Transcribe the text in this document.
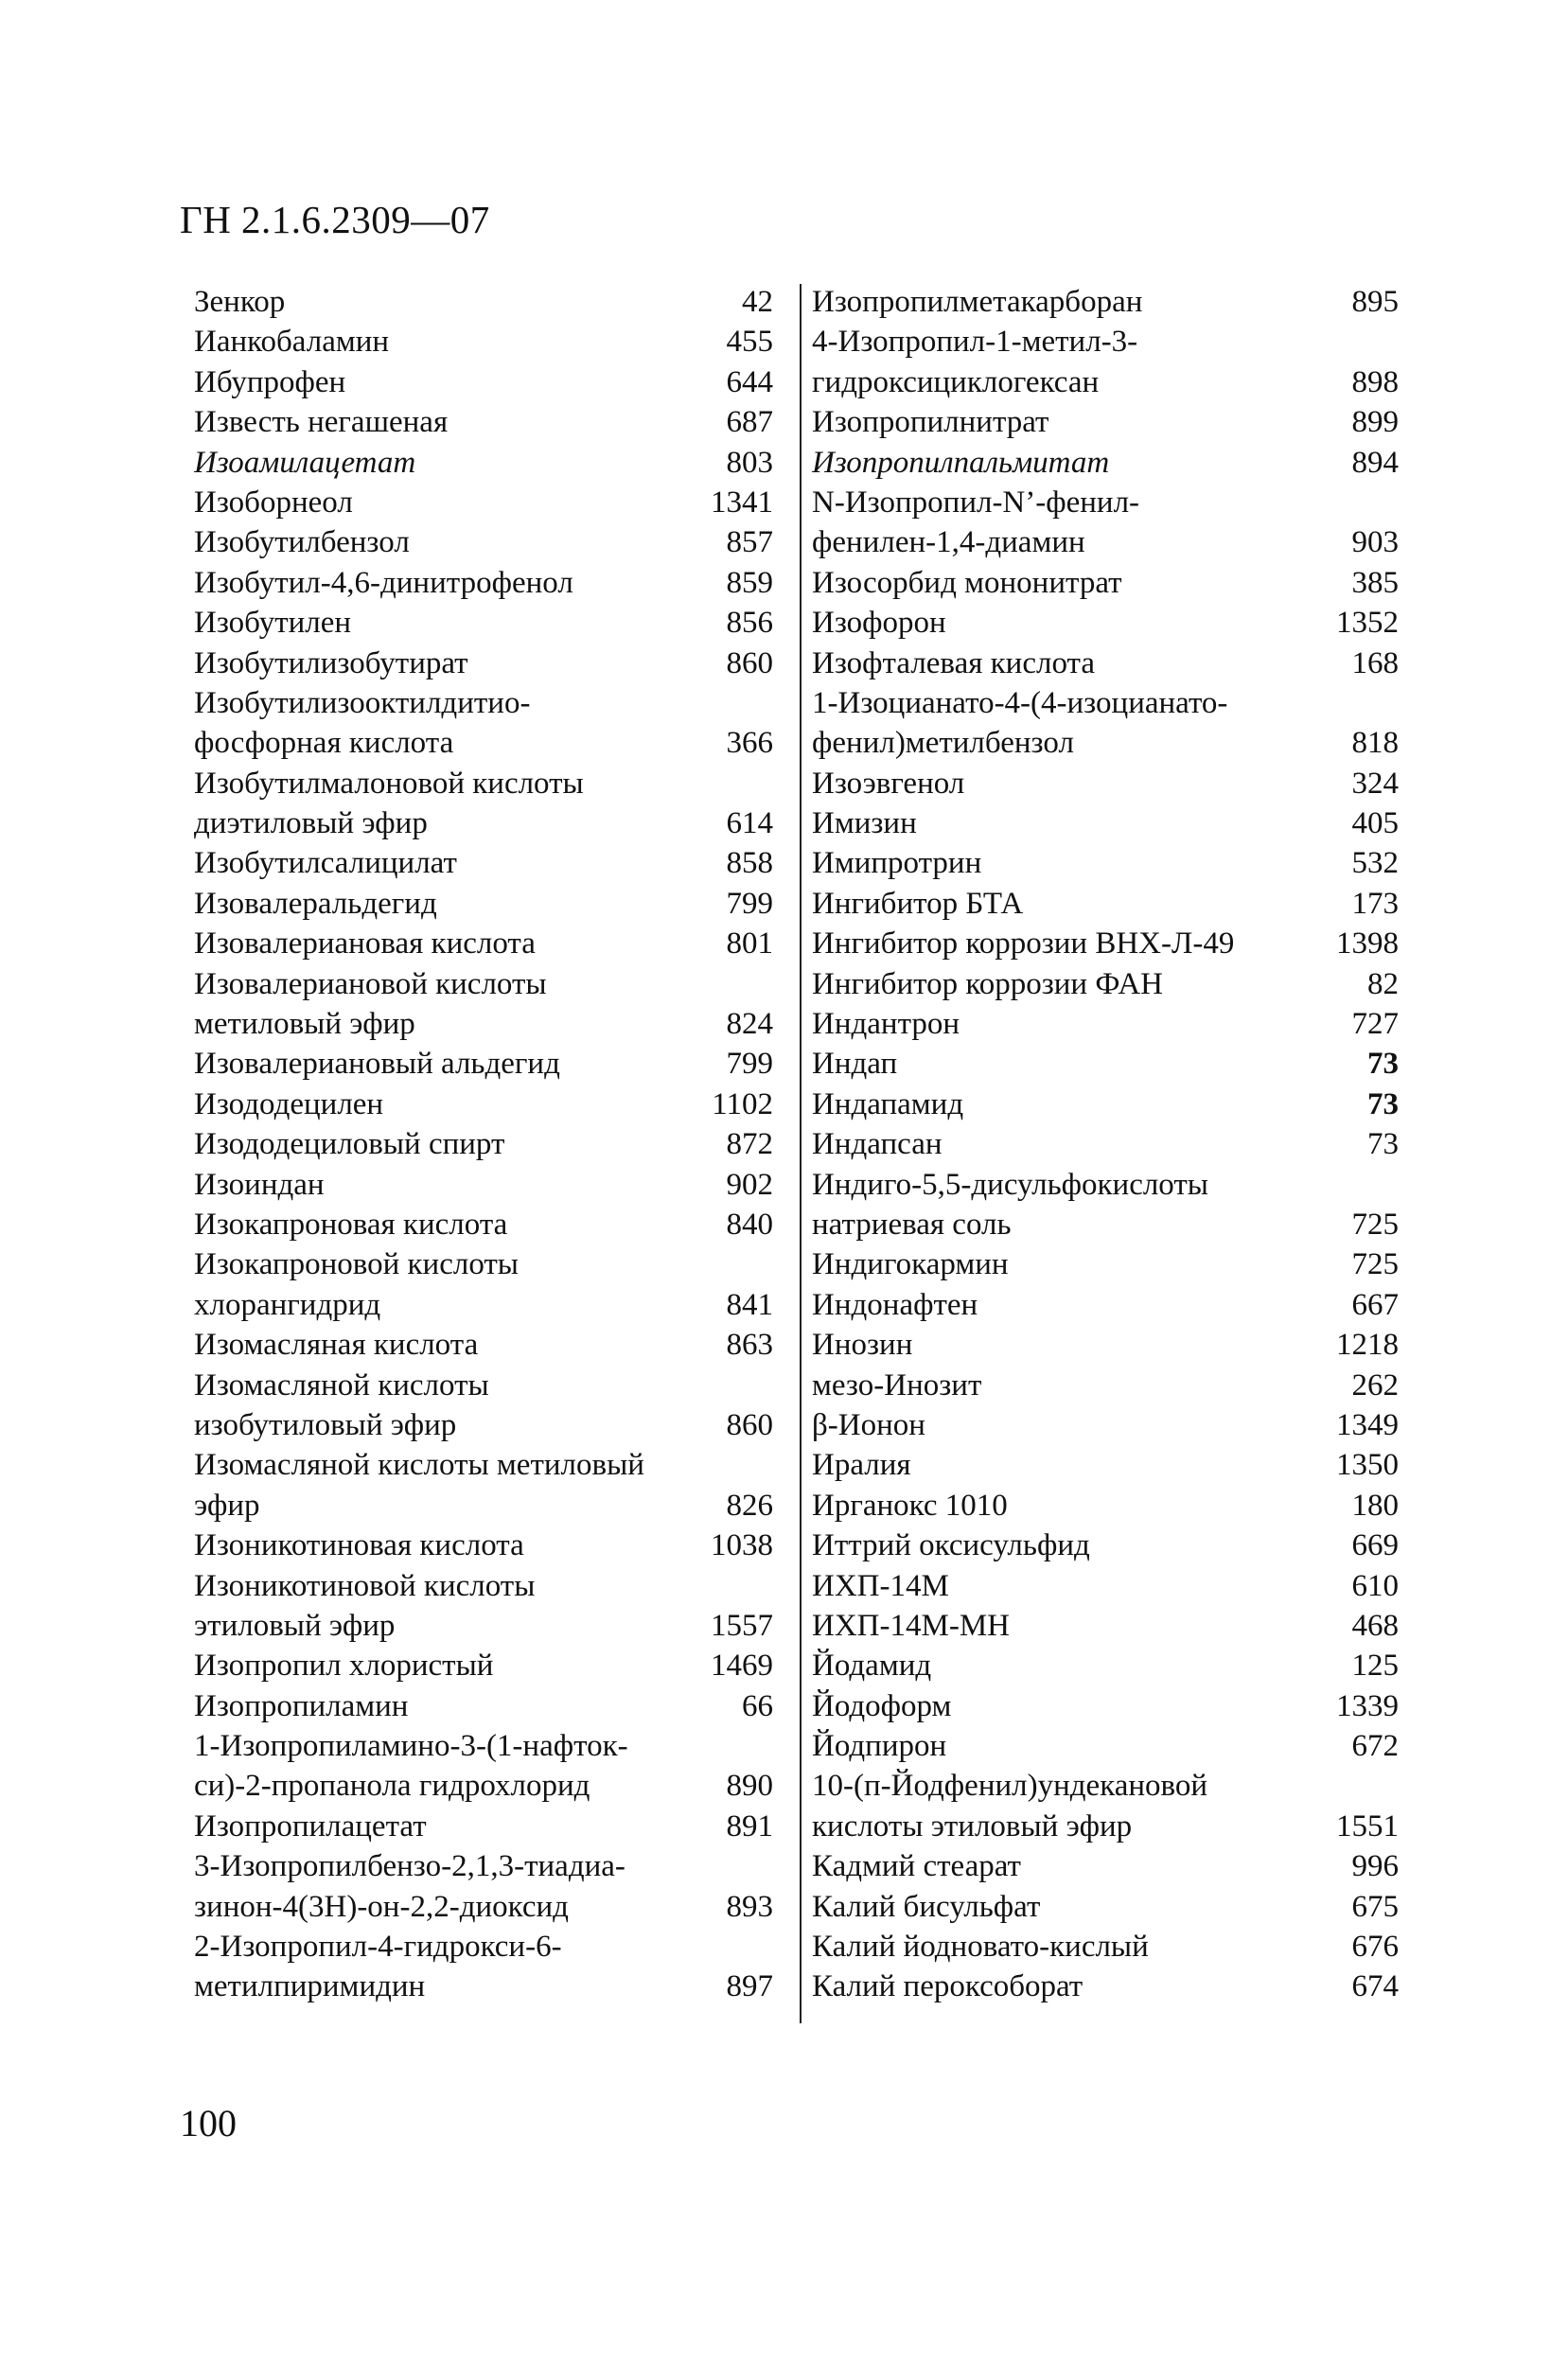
ГН 2.1.6.2309—07
Зенкор	42
Ианкобаламин	455
Ибупрофен	644
Известь негашеная	687
Изоамилацетат	803
Изоборнеол	1341
Изобутилбензол	857
Изобутил-4,6-динитрофенол	859
Изобутилен	856
Изобутилизобутират	860
Изобутилизооктилдитио-
фосфорная кислота	366
Изобутилмалоновой кислоты
диэтиловый эфир	614
Изобутилсалицилат	858
Изовалеральдегид	799
Изовалериановая кислота	801
Изовалериановой кислоты
метиловый эфир	824
Изовалериановый альдегид	799
Изододецилен	1102
Изододециловый спирт	872
Изоиндан	902
Изокапроновая кислота	840
Изокапроновой кислоты
хлорангидрид	841
Изомасляная кислота	863
Изомасляной кислоты
изобутиловый эфир	860
Изомасляной кислоты метиловый
эфир	826
Изоникотиновая кислота	1038
Изоникотиновой кислоты
этиловый эфир	1557
Изопропил хлористый	1469
Изопропиламин	66
1-Изопропиламино-3-(1-нафток-
си)-2-пропанола гидрохлорид	890
Изопропилацетат	891
3-Изопропилбензо-2,1,3-тиадиа-
зинон-4(3Н)-он-2,2-диоксид	893
2-Изопропил-4-гидрокси-6-
метилпиримидин	897
Изопропилметакарборан	895
4-Изопропил-1-метил-3-
гидроксициклогексан	898
Изопропилнитрат	899
Изопропилпальмитат	894
N-Изопропил-N’-фенил-
фенилен-1,4-диамин	903
Изосорбид мононитрат	385
Изофорон	1352
Изофталевая кислота	168
1-Изоцианато-4-(4-изоцианато-
фенил)метилбензол	818
Изоэвгенол	324
Имизин	405
Имипротрин	532
Ингибитор БТА	173
Ингибитор коррозии ВНХ-Л-49	1398
Ингибитор коррозии ФАН	82
Индантрон	727
Индап	73
Индапамид	73
Индапсан	73
Индиго-5,5-дисульфокислоты
натриевая соль	725
Индигокармин	725
Индонафтен	667
Инозин	1218
мезо-Инозит	262
β-Ионон	1349
Иралия	1350
Ирганокс 1010	180
Иттрий оксисульфид	669
ИХП-14М	610
ИХП-14М-МН	468
Йодамид	125
Йодоформ	1339
Йодпирон	672
10-(п-Йодфенил)ундекановой
кислоты этиловый эфир	1551
Кадмий стеарат	996
Калий бисульфат	675
Калий йодновато-кислый	676
Калий пероксоборат	674
100
